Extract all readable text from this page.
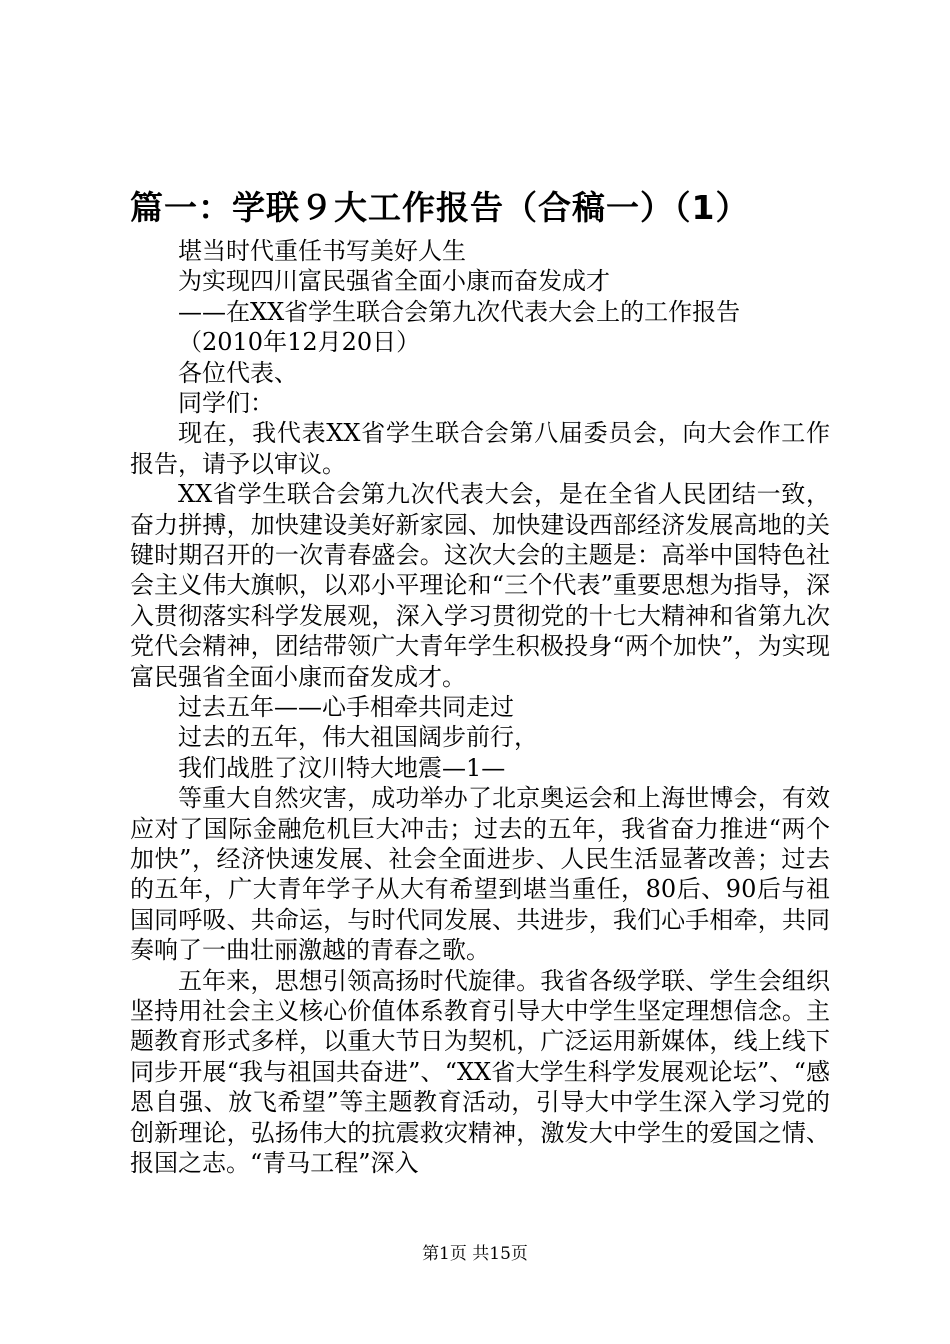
篇一：学联９大工作报告（合稿一）（1）
堪当时代重任书写美好人生
为实现四川富民强省全面小康而奋发成才
——在XX省学生联合会第九次代表大会上的工作报告
（2010年12月20日）
各位代表、
同学们：
现在，我代表XX省学生联合会第八届委员会，向大会作工作报告，请予以审议。
XX省学生联合会第九次代表大会，是在全省人民团结一致，奋力拼搏，加快建设美好新家园、加快建设西部经济发展高地的关键时期召开的一次青春盛会。这次大会的主题是：高举中国特色社会主义伟大旗帜，以邓小平理论和“三个代表”重要思想为指导，深入贯彻落实科学发展观，深入学习贯彻党的十七大精神和省第九次党代会精神，团结带领广大青年学生积极投身“两个加快”，为实现富民强省全面小康而奋发成才。
过去五年——心手相牵共同走过
过去的五年，伟大祖国阔步前行，
我们战胜了汶川特大地震—1—
等重大自然灾害，成功举办了北京奥运会和上海世博会，有效应对了国际金融危机巨大冲击；过去的五年，我省奋力推进“两个加快”，经济快速发展、社会全面进步、人民生活显著改善；过去的五年，广大青年学子从大有希望到堪当重任，80后、90后与祖国同呼吸、共命运，与时代同发展、共进步，我们心手相牵，共同奏响了一曲壮丽激越的青春之歌。
五年来，思想引领高扬时代旋律。我省各级学联、学生会组织坚持用社会主义核心价值体系教育引导大中学生坚定理想信念。主题教育形式多样，以重大节日为契机，广泛运用新媒体，线上线下同步开展“我与祖国共奋进”、“XX省大学生科学发展观论坛”、“感恩自强、放飞希望”等主题教育活动，引导大中学生深入学习党的创新理论，弘扬伟大的抗震救灾精神，激发大中学生的爱国之情、报国之志。“青马工程”深入
第1页 共15页
